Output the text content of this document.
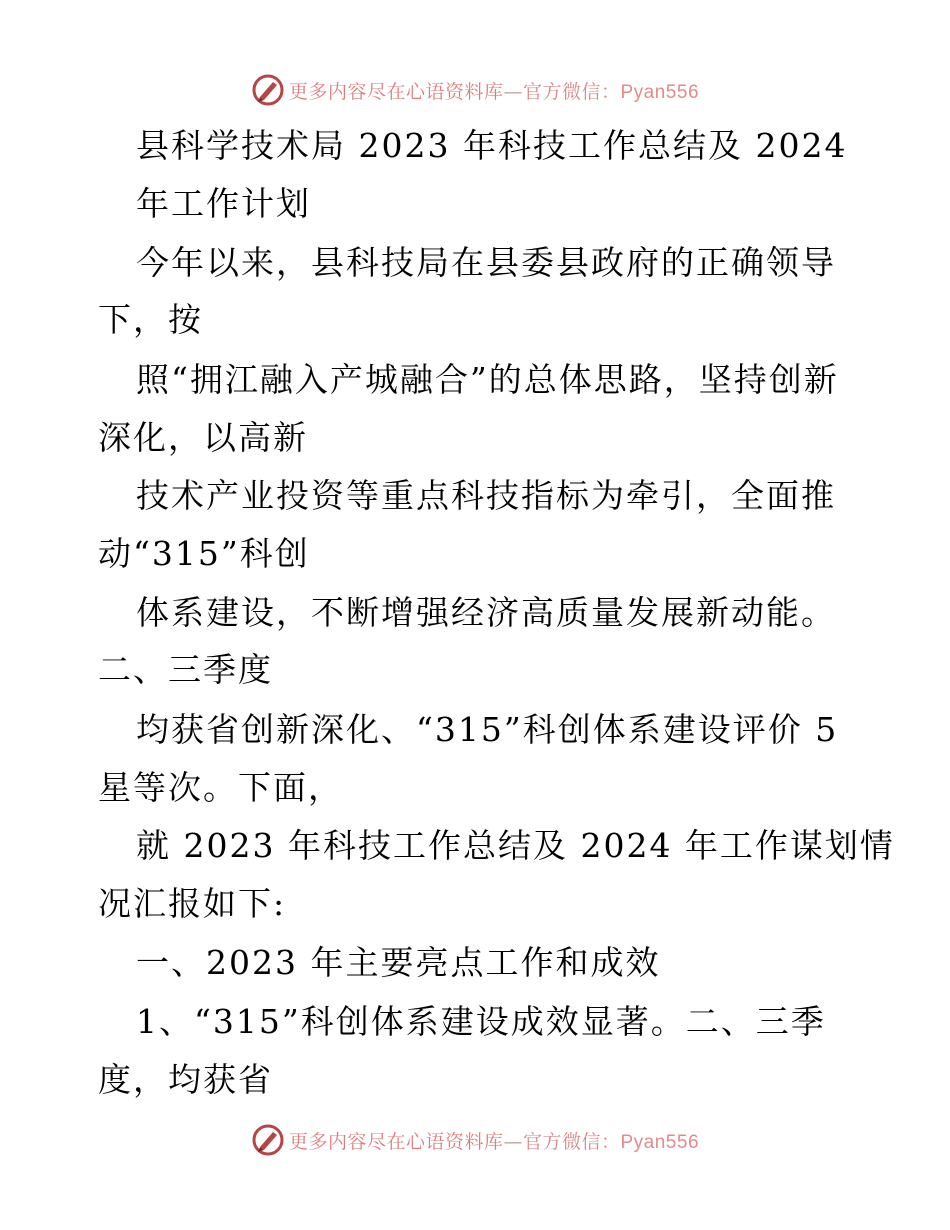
更多内容尽在心语资料库—官方微信：Pyan556
县科学技术局 2023 年科技工作总结及 2024
年工作计划
今年以来，县科技局在县委县政府的正确领导
下，按
照“拥江融入产城融合”的总体思路，坚持创新
深化，以高新
技术产业投资等重点科技指标为牵引，全面推
动“315”科创
体系建设，不断增强经济高质量发展新动能。
二、三季度
均获省创新深化、“315”科创体系建设评价 5
星等次。下面，
就 2023 年科技工作总结及 2024 年工作谋划情
况汇报如下:
一、2023 年主要亮点工作和成效
1、“315”科创体系建设成效显著。二、三季
度，均获省
更多内容尽在心语资料库—官方微信：Pyan556
